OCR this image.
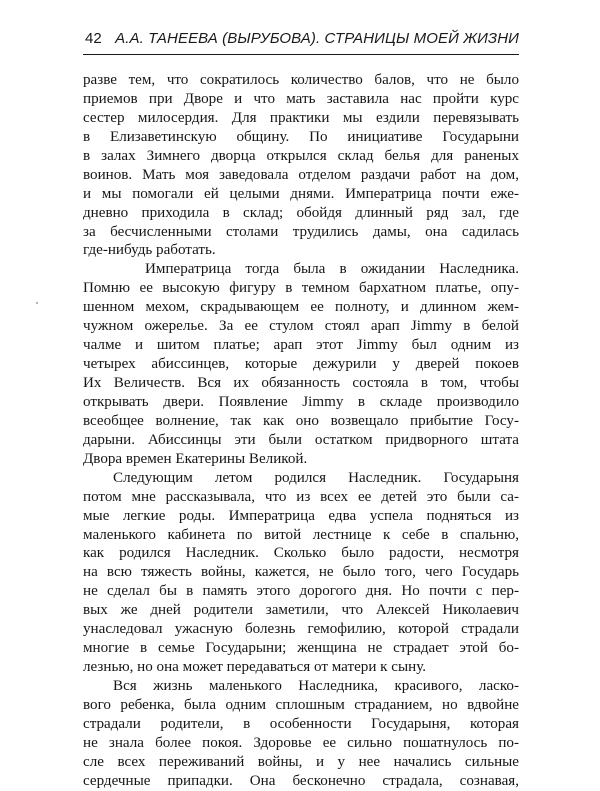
42 А.А. ТАНЕЕВА (ВЫРУБОВА). СТРАНИЦЫ МОЕЙ ЖИЗНИ
разве тем, что сократилось количество балов, что не было
приемов при Дворе и что мать заставила нас пройти курс
сестер милосердия. Для практики мы ездили перевязывать
в Елизаветинскую общину. По инициативе Государыни
в залах Зимнего дворца открылся склад белья для раненых
воинов. Мать моя заведовала отделом раздачи работ на дом,
и мы помогали ей целыми днями. Императрица почти еже-
дневно приходила в склад; обойдя длинный ряд зал, где
за бесчисленными столами трудились дамы, она садилась
где-нибудь работать.
Императрица тогда была в ожидании Наследника.
Помню ее высокую фигуру в темном бархатном платье, опу-
шенном мехом, скрадывающем ее полноту, и длинном жем-
чужном ожерелье. За ее стулом стоял арап Jimmy в белой
чалме и шитом платье; арап этот Jimmy был одним из
четырех абиссинцев, которые дежурили у дверей покоев
Их Величеств. Вся их обязанность состояла в том, чтобы
открывать двери. Появление Jimmy в складе производило
всеобщее волнение, так как оно возвещало прибытие Госу-
дарыни. Абиссинцы эти были остатком придворного штата
Двора времен Екатерины Великой.
Следующим летом родился Наследник. Государыня
потом мне рассказывала, что из всех ее детей это были са-
мые легкие роды. Императрица едва успела подняться из
маленького кабинета по витой лестнице к себе в спальню,
как родился Наследник. Сколько было радости, несмотря
на всю тяжесть войны, кажется, не было того, чего Государь
не сделал бы в память этого дорогого дня. Но почти с пер-
вых же дней родители заметили, что Алексей Николаевич
унаследовал ужасную болезнь гемофилию, которой страдали
многие в семье Государыни; женщина не страдает этой бо-
лезнью, но она может передаваться от матери к сыну.
Вся жизнь маленького Наследника, красивого, ласко-
вого ребенка, была одним сплошным страданием, но вдвойне
страдали родители, в особенности Государыня, которая
не знала более покоя. Здоровье ее сильно пошатнулось по-
сле всех переживаний войны, и у нее начались сильные
сердечные припадки. Она бесконечно страдала, сознавая,
